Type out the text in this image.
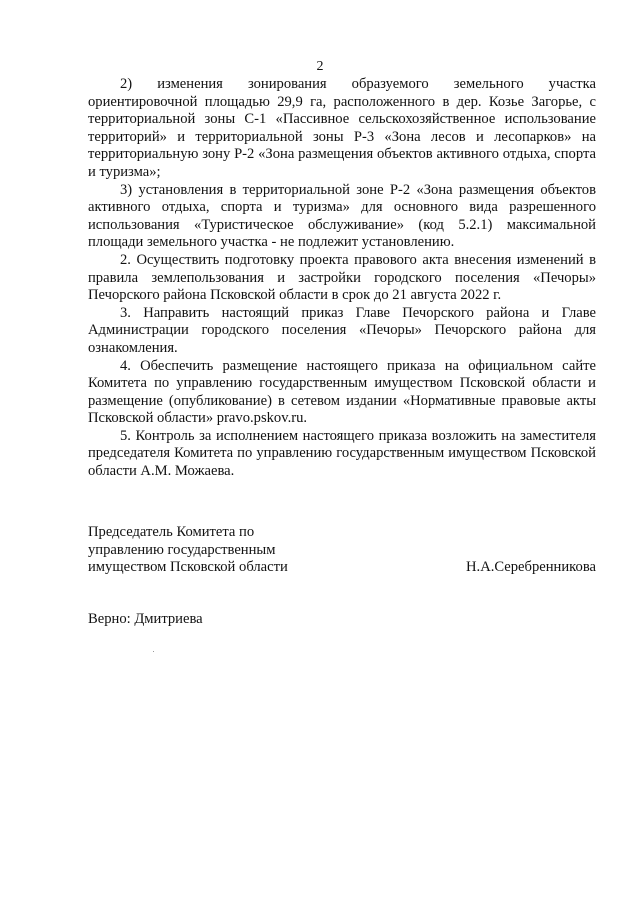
2

2) изменения зонирования образуемого земельного участка ориентировочной площадью 29,9 га, расположенного в дер. Козье Загорье, с территориальной зоны С-1 «Пассивное сельскохозяйственное использование территорий» и территориальной зоны Р-3 «Зона лесов и лесопарков» на территориальную зону Р-2 «Зона размещения объектов активного отдыха, спорта и туризма»;

3) установления в территориальной зоне Р-2 «Зона размещения объектов активного отдыха, спорта и туризма» для основного вида разрешенного использования «Туристическое обслуживание» (код 5.2.1) максимальной площади земельного участка - не подлежит установлению.

2. Осуществить подготовку проекта правового акта внесения изменений в правила землепользования и застройки городского поселения «Печоры» Печорского района Псковской области в срок до 21 августа 2022 г.

3. Направить настоящий приказ Главе Печорского района и Главе Администрации городского поселения «Печоры» Печорского района для ознакомления.

4. Обеспечить размещение настоящего приказа на официальном сайте Комитета по управлению государственным имуществом Псковской области и размещение (опубликование) в сетевом издании «Нормативные правовые акты Псковской области» pravo.pskov.ru.

5. Контроль за исполнением настоящего приказа возложить на заместителя председателя Комитета по управлению государственным имуществом Псковской области А.М. Можаева.

Председатель Комитета по
управлению государственным
имуществом Псковской области	Н.А.Серебренникова
Верно: Дмитриева
